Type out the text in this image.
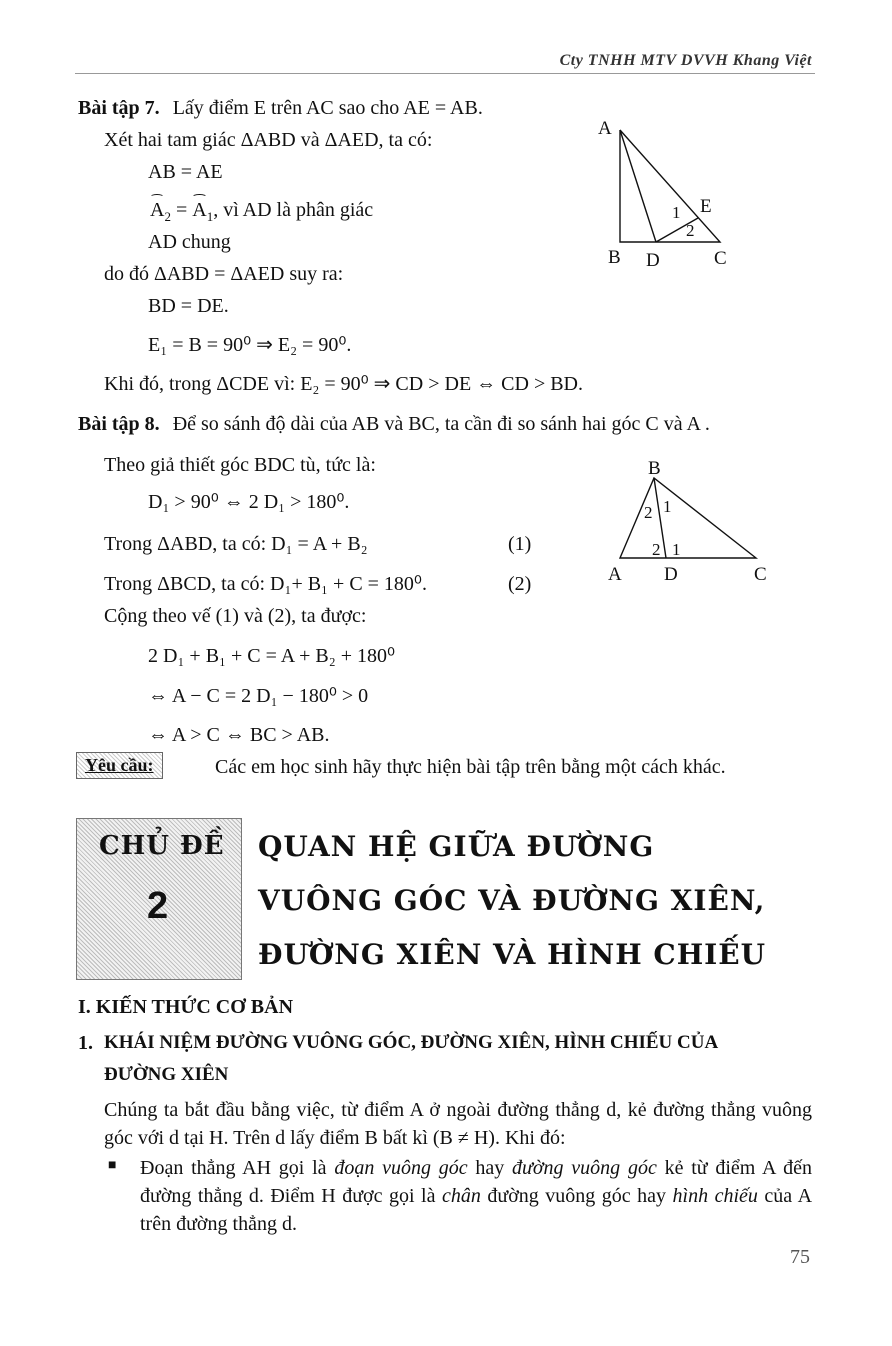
Cty TNHH MTV DVVH Khang Việt
Bài tập 7. Lấy điểm E trên AC sao cho AE = AB.
Xét hai tam giác ΔABD và ΔAED, ta có:
AB = AE
$A_2 = A_1$, vì AD là phân giác
AD chung
do đó ΔABD = ΔAED suy ra:
BD = DE.
E₁ = B = 90⁰ ⇒ E₂ = 90⁰.
Khi đó, trong ΔCDE vì: E₂ = 90⁰ ⇒ CD > DE ⇔ CD > BD.
A
B D	C
E
1
2
Bài tập 8. Để so sánh độ dài của AB và BC, ta cần đi so sánh hai góc C và A .
Theo giả thiết góc BDC tù, tức là:
D₁ > 90⁰ ⇔ 2 D₁ > 180⁰.
Trong ΔABD, ta có: D₁ = A + B₂	(1)
Trong ΔBCD, ta có: D₁+ B₁ + C = 180⁰.	(2)
Cộng theo vế (1) và (2), ta được:
2 D₁ + B₁ + C = A + B₂ + 180⁰
⇔ A − C = 2 D₁ − 180⁰ > 0
⇔ A > C ⇔ BC > AB.
B
A D	C
2 1
2 1
Yêu cầu:	Các em học sinh hãy thực hiện bài tập trên bằng một cách khác.
CHỦ ĐỀ
2
QUAN HỆ GIỮA ĐƯỜNG
VUÔNG GÓC VÀ ĐƯỜNG XIÊN,
ĐƯỜNG XIÊN VÀ HÌNH CHIẾU
I. KIẾN THỨC CƠ BẢN
1. KHÁI NIỆM ĐƯỜNG VUÔNG GÓC, ĐƯỜNG XIÊN, HÌNH CHIẾU CỦA
ĐƯỜNG XIÊN
Chúng ta bắt đầu bằng việc, từ điểm A ở ngoài đường thẳng d, kẻ đường thẳng vuông góc với d tại H. Trên d lấy điểm B bất kì (B ≠ H). Khi đó:
■ Đoạn thẳng AH gọi là đoạn vuông góc hay đường vuông góc kẻ từ điểm A đến đường thẳng d. Điểm H được gọi là chân đường vuông góc hay hình chiếu của A trên đường thẳng d.
75
